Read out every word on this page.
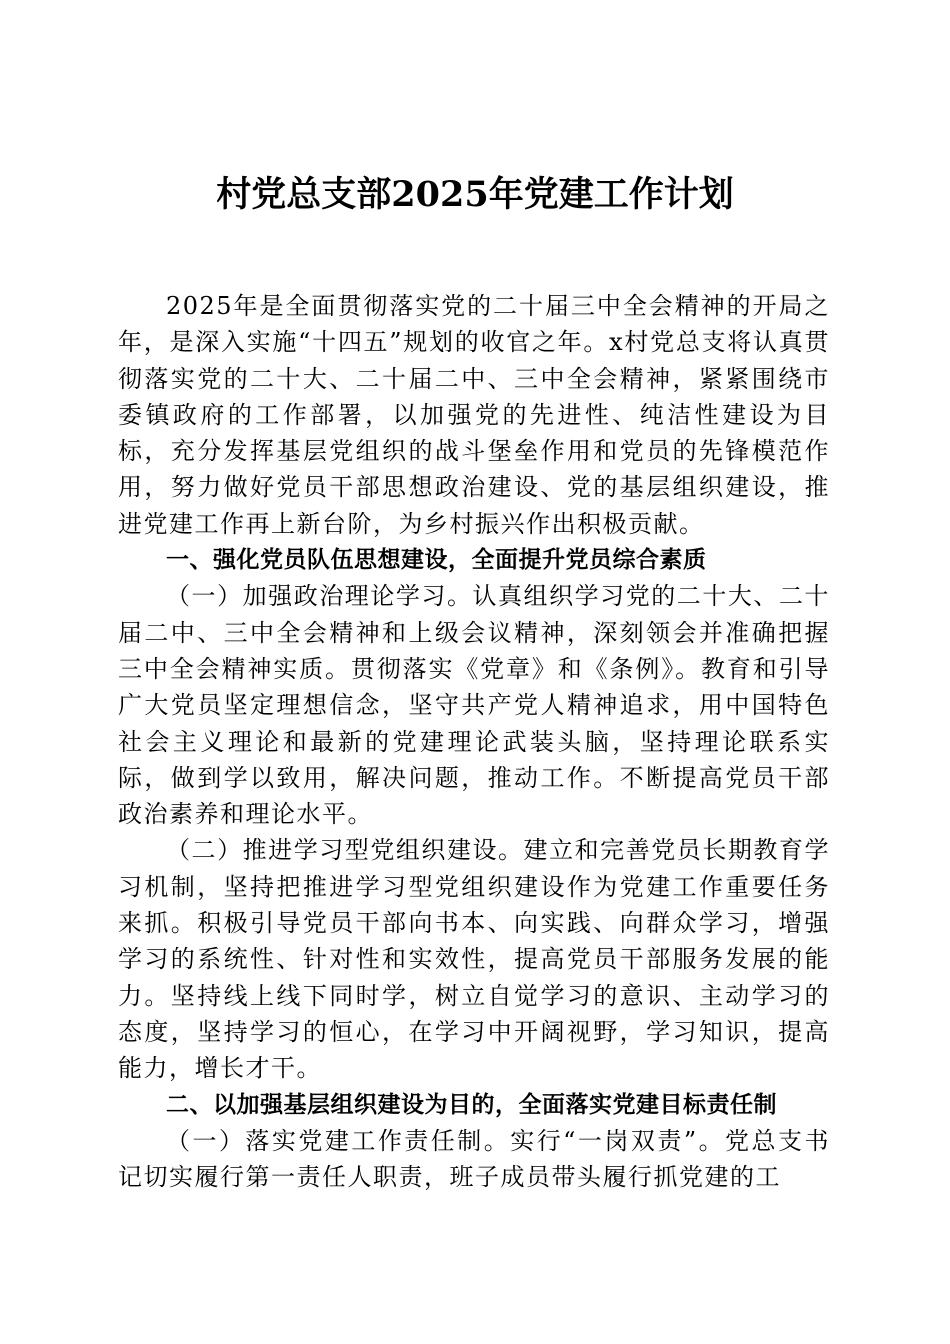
村党总支部2025年党建工作计划

2025年是全面贯彻落实党的二十届三中全会精神的开局之年，是深入实施“十四五”规划的收官之年。x村党总支将认真贯彻落实党的二十大、二十届二中、三中全会精神，紧紧围绕市委镇政府的工作部署，以加强党的先进性、纯洁性建设为目标，充分发挥基层党组织的战斗堡垒作用和党员的先锋模范作用，努力做好党员干部思想政治建设、党的基层组织建设，推进党建工作再上新台阶，为乡村振兴作出积极贡献。

一、强化党员队伍思想建设，全面提升党员综合素质

（一）加强政治理论学习。认真组织学习党的二十大、二十届二中、三中全会精神和上级会议精神，深刻领会并准确把握三中全会精神实质。贯彻落实《党章》和《条例》。教育和引导广大党员坚定理想信念，坚守共产党人精神追求，用中国特色社会主义理论和最新的党建理论武装头脑，坚持理论联系实际，做到学以致用，解决问题，推动工作。不断提高党员干部政治素养和理论水平。

（二）推进学习型党组织建设。建立和完善党员长期教育学习机制，坚持把推进学习型党组织建设作为党建工作重要任务来抓。积极引导党员干部向书本、向实践、向群众学习，增强学习的系统性、针对性和实效性，提高党员干部服务发展的能力。坚持线上线下同时学，树立自觉学习的意识、主动学习的态度，坚持学习的恒心，在学习中开阔视野，学习知识，提高能力，增长才干。

二、以加强基层组织建设为目的，全面落实党建目标责任制

（一）落实党建工作责任制。实行“一岗双责”。党总支书记切实履行第一责任人职责，班子成员带头履行抓党建的工
